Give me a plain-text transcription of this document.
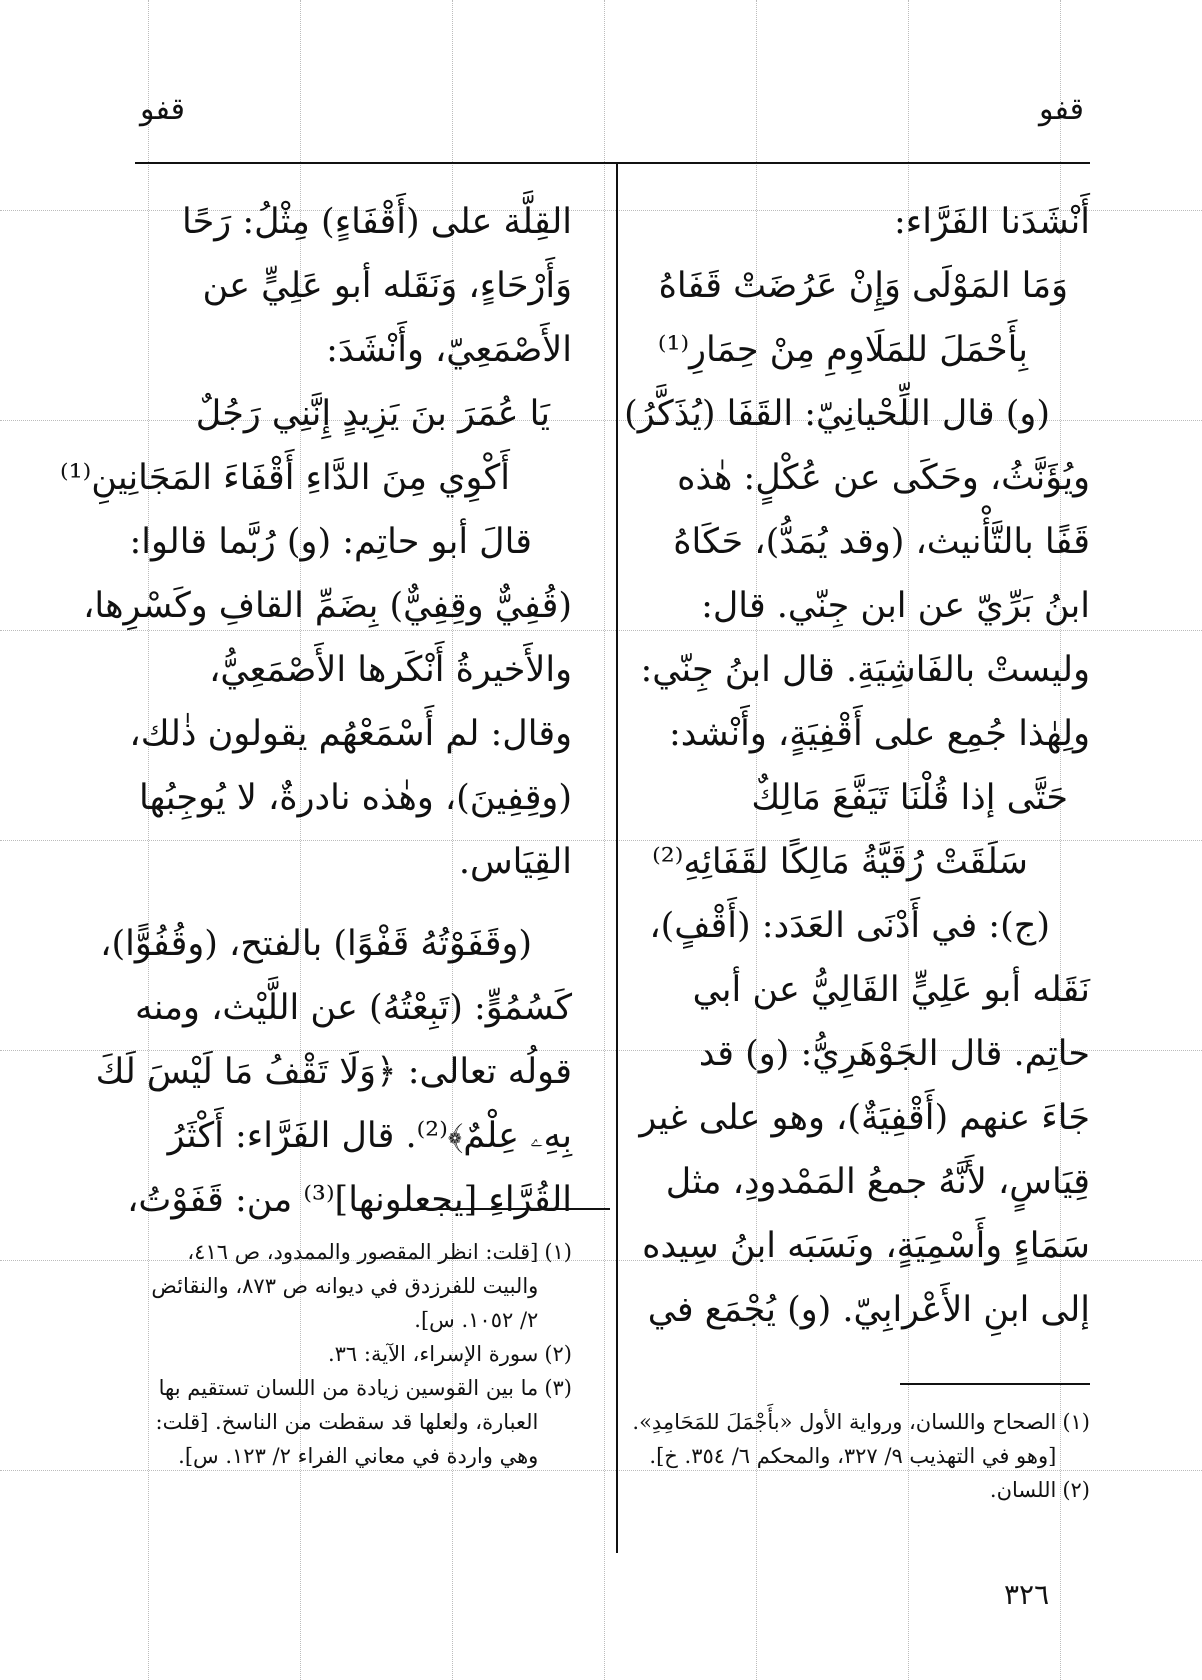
قفو
قفو
أَنْشَدَنا الفَرَّاء:
وَمَا المَوْلَى وَإِنْ عَرُضَتْ قَفَاهُ
بِأَحْمَلَ للمَلَاوِمِ مِنْ حِمَارِ⁽¹⁾
(و) قال اللِّحْيانِيّ: القَفَا (يُذَكَّرُ)
ويُؤَنَّثُ، وحَكَى عن عُكْلٍ: هٰذه
قَفًا بالتَّأْنيث، (وقد يُمَدُّ)، حَكَاهُ
ابنُ بَرِّيّ عن ابن جِنّي. قال:
وليستْ بالفَاشِيَةِ. قال ابنُ جِنّي:
ولِهٰذا جُمِع على أَقْفِيَةٍ، وأَنْشد:
حَتَّى إذا قُلْنَا تَيَفَّعَ مَالِكٌ
سَلَقَتْ رُقَيَّةُ مَالِكًا لقَفَائِهِ⁽²⁾
(ج): في أَدْنَى العَدَد: (أَقْفٍ)،
نَقَله أبو عَلِيٍّ القَالِيُّ عن أبي
حاتِم. قال الجَوْهَرِيُّ: (و) قد
جَاءَ عنهم (أَقْفِيَةٌ)، وهو على غير
قِيَاسٍ، لأَنَّهُ جمعُ المَمْدودِ، مثل
سَمَاءٍ وأَسْمِيَةٍ، ونَسَبَه ابنُ سِيده
إلى ابنِ الأَعْرابِيّ. (و) يُجْمَع في
القِلَّة على (أَقْفَاءٍ) مِثْلُ: رَحًا
وَأَرْحَاءٍ، وَنَقَله أبو عَلِيٍّ عن
الأَصْمَعِيّ، وأَنْشَدَ:
يَا عُمَرَ بنَ يَزِيدٍ إِنَّنِي رَجُلٌ
أَكْوِي مِنَ الدَّاءِ أَقْفَاءَ المَجَانِينِ⁽¹⁾
قالَ أبو حاتِم: (و) رُبَّما قالوا:
(قُفِيٌّ وقِفِيٌّ) بِضَمِّ القافِ وكَسْرِها،
والأَخيرةُ أَنْكَرها الأَصْمَعِيُّ،
وقال: لم أَسْمَعْهُم يقولون ذٰلك،
(وقِفِينَ)، وهٰذه نادرةٌ، لا يُوجِبُها
القِيَاس.
(وقَفَوْتُهُ قَفْوًا) بالفتح، (وقُفُوًّا)،
كَسُمُوٍّ: (تَبِعْتُهُ) عن اللَّيْث، ومنه
قولُه تعالى: ﴿وَلَا تَقْفُ مَا لَيْسَ لَكَ
بِهِۦ عِلْمٌ﴾⁽²⁾. قال الفَرَّاء: أَكْثَرُ
القُرَّاءِ [يجعلونها]⁽³⁾ من: قَفَوْتُ،
(١)
[قلت: انظر المقصور والممدود، ص ٤١٦، والبيت للفرزدق في ديوانه ص ٨٧٣، والنقائض ٢/ ١٠٥٢. س].
(٢)
سورة الإسراء، الآية: ٣٦.
(٣)
ما بين القوسين زيادة من اللسان تستقيم بها العبارة، ولعلها قد سقطت من الناسخ. [قلت: وهي واردة في معاني الفراء ٢/ ١٢٣. س].
(١)
الصحاح واللسان، ورواية الأول «بأَجْمَلَ للمَحَامِدِ». [وهو في التهذيب ٩/ ٣٢٧، والمحكم ٦/ ٣٥٤. خ].
(٢)
اللسان.
٣٢٦
